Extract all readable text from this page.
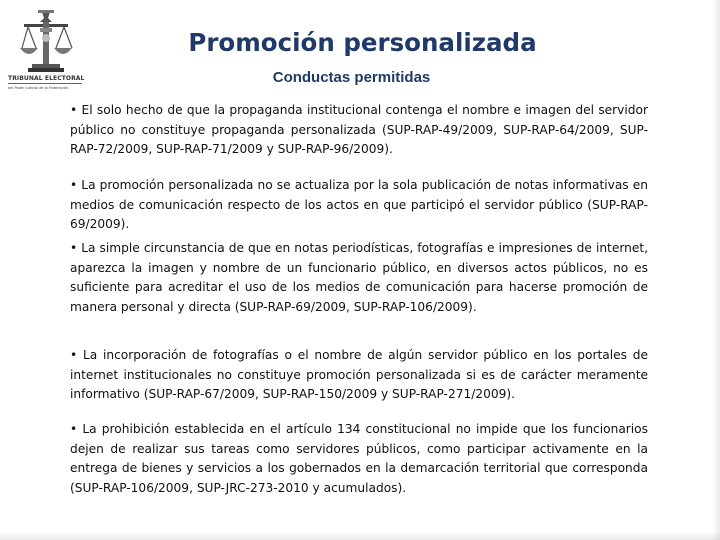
TRIBUNAL ELECTORAL
del Poder Judicial de la Federación
Promoción personalizada
Conductas permitidas

• El solo hecho de que la propaganda institucional contenga el nombre e imagen del servidor público no constituye propaganda personalizada (SUP-RAP-49/2009, SUP-RAP-64/2009, SUP-RAP-72/2009, SUP-RAP-71/2009 y SUP-RAP-96/2009).

• La promoción personalizada no se actualiza por la sola publicación de notas informativas en medios de comunicación respecto de los actos en que participó el servidor público (SUP-RAP-69/2009).

• La simple circunstancia de que en notas periodísticas, fotografías e impresiones de internet, aparezca la imagen y nombre de un funcionario público, en diversos actos públicos, no es suficiente para acreditar el uso de los medios de comunicación para hacerse promoción de manera personal y directa (SUP-RAP-69/2009, SUP-RAP-106/2009).

• La incorporación de fotografías o el nombre de algún servidor público en los portales de internet institucionales no constituye promoción personalizada si es de carácter meramente informativo (SUP-RAP-67/2009, SUP-RAP-150/2009 y SUP-RAP-271/2009).

• La prohibición establecida en el artículo 134 constitucional no impide que los funcionarios dejen de realizar sus tareas como servidores públicos, como participar activamente en la entrega de bienes y servicios a los gobernados en la demarcación territorial que corresponda (SUP-RAP-106/2009, SUP-JRC-273-2010 y acumulados).
